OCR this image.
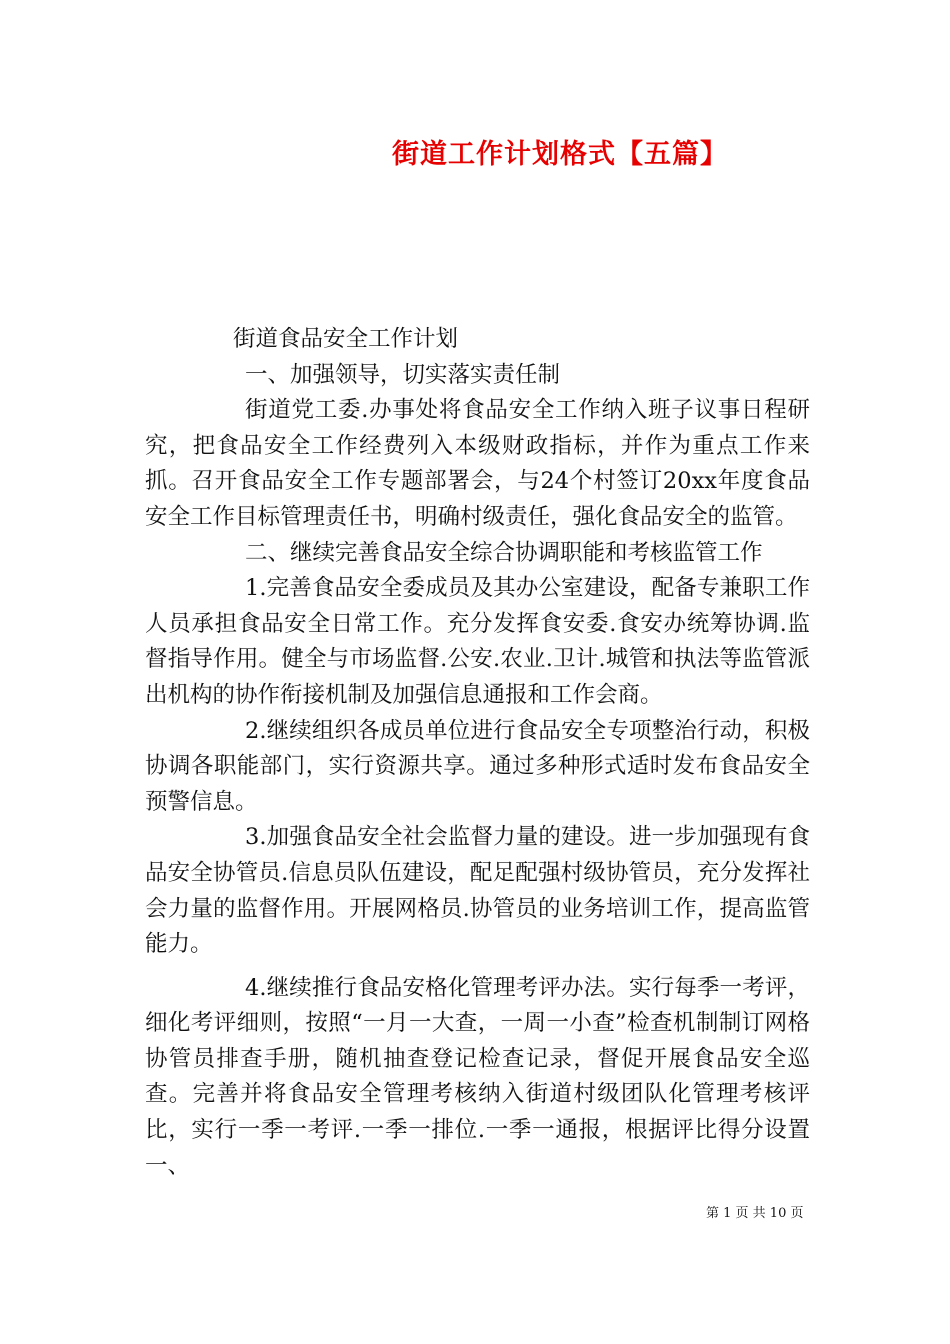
街道工作计划格式【五篇】

街道食品安全工作计划

一、加强领导，切实落实责任制

街道党工委.办事处将食品安全工作纳入班子议事日程研究，把食品安全工作经费列入本级财政指标，并作为重点工作来抓。召开食品安全工作专题部署会，与24个村签订20xx年度食品安全工作目标管理责任书，明确村级责任，强化食品安全的监管。

二、继续完善食品安全综合协调职能和考核监管工作

1.完善食品安全委成员及其办公室建设，配备专兼职工作人员承担食品安全日常工作。充分发挥食安委.食安办统筹协调.监督指导作用。健全与市场监督.公安.农业.卫计.城管和执法等监管派出机构的协作衔接机制及加强信息通报和工作会商。

2.继续组织各成员单位进行食品安全专项整治行动，积极协调各职能部门，实行资源共享。通过多种形式适时发布食品安全预警信息。

3.加强食品安全社会监督力量的建设。进一步加强现有食品安全协管员.信息员队伍建设，配足配强村级协管员，充分发挥社会力量的监督作用。开展网格员.协管员的业务培训工作，提高监管能力。

4.继续推行食品安格化管理考评办法。实行每季一考评，细化考评细则，按照“一月一大查，一周一小查”检查机制制订网格协管员排查手册，随机抽查登记检查记录，督促开展食品安全巡查。完善并将食品安全管理考核纳入街道村级团队化管理考核评比，实行一季一考评.一季一排位.一季一通报，根据评比得分设置一、

第 1 页 共 10 页
